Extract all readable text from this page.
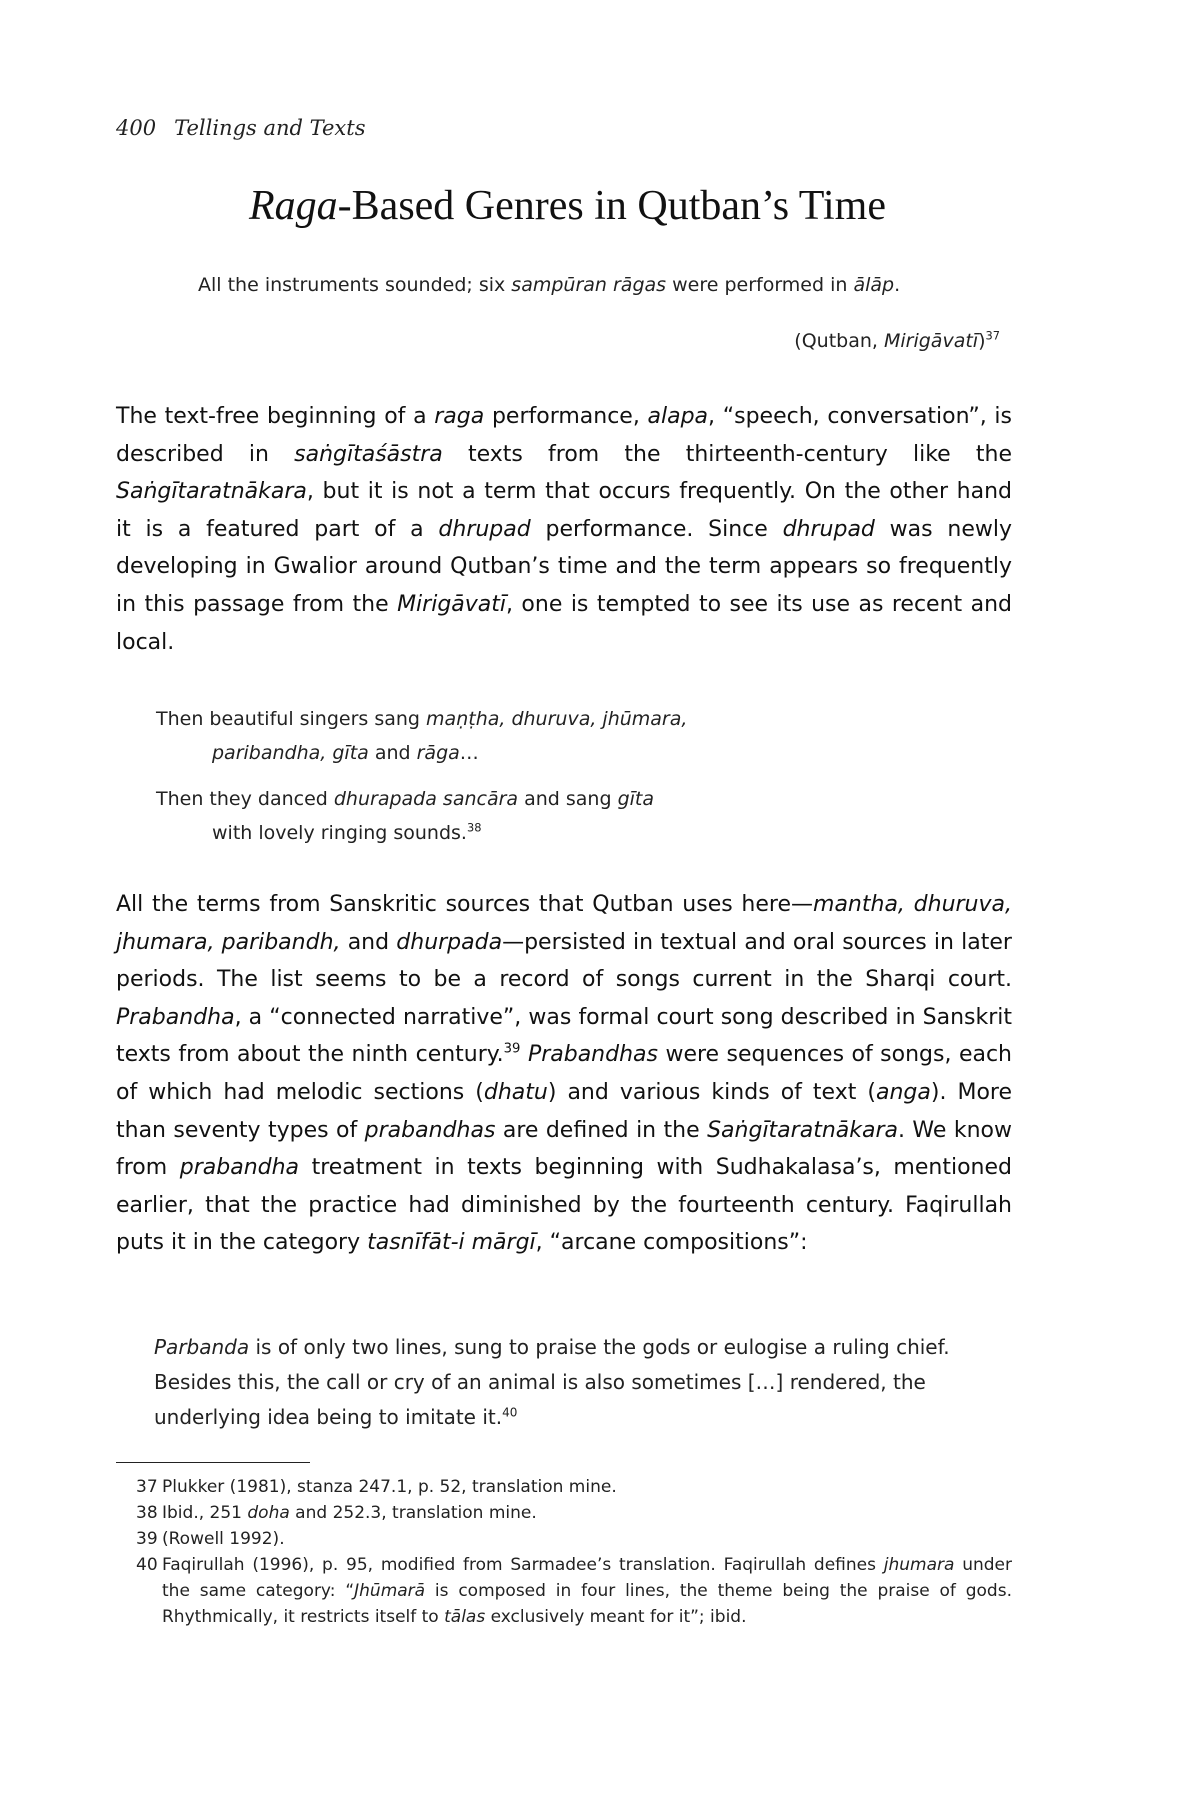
400 Tellings and Texts
Raga-Based Genres in Qutban’s Time
All the instruments sounded; six sampūran rāgas were performed in ālāp.
(Qutban, Mirigāvatī)$^{37}$

The text-free beginning of a raga performance, alapa, “speech, conversation”, is described in saṅgītaśāstra texts from the thirteenth-century like the Saṅgītaratnākara, but it is not a term that occurs frequently. On the other hand it is a featured part of a dhrupad performance. Since dhrupad was newly developing in Gwalior around Qutban’s time and the term appears so frequently in this passage from the Mirigāvatī, one is tempted to see its use as recent and local.

Then beautiful singers sang maṇṭha, dhuruva, jhūmara,
paribandha, gīta and rāga…
Then they danced dhurapada sancāra and sang gīta
with lovely ringing sounds.$^{38}$

All the terms from Sanskritic sources that Qutban uses here—mantha, dhuruva, jhumara, paribandh, and dhurpada—persisted in textual and oral sources in later periods. The list seems to be a record of songs current in the Sharqi court. Prabandha, a “connected narrative”, was formal court song described in Sanskrit texts from about the ninth century.$^{39}$ Prabandhas were sequences of songs, each of which had melodic sections (dhatu) and various kinds of text (anga). More than seventy types of prabandhas are defined in the Saṅgītaratnākara. We know from prabandha treatment in texts beginning with Sudhakalasa’s, mentioned earlier, that the practice had diminished by the fourteenth century. Faqirullah puts it in the category tasnīfāt-i mārgī, “arcane compositions”:

Parbanda is of only two lines, sung to praise the gods or eulogise a ruling chief. Besides this, the call or cry of an animal is also sometimes […] rendered, the underlying idea being to imitate it.$^{40}$

37 Plukker (1981), stanza 247.1, p. 52, translation mine.
38 Ibid., 251 doha and 252.3, translation mine.
39 (Rowell 1992).
40 Faqirullah (1996), p. 95, modified from Sarmadee’s translation. Faqirullah defines jhumara under the same category: “Jhūmarā is composed in four lines, the theme being the praise of gods. Rhythmically, it restricts itself to tālas exclusively meant for it”; ibid.
